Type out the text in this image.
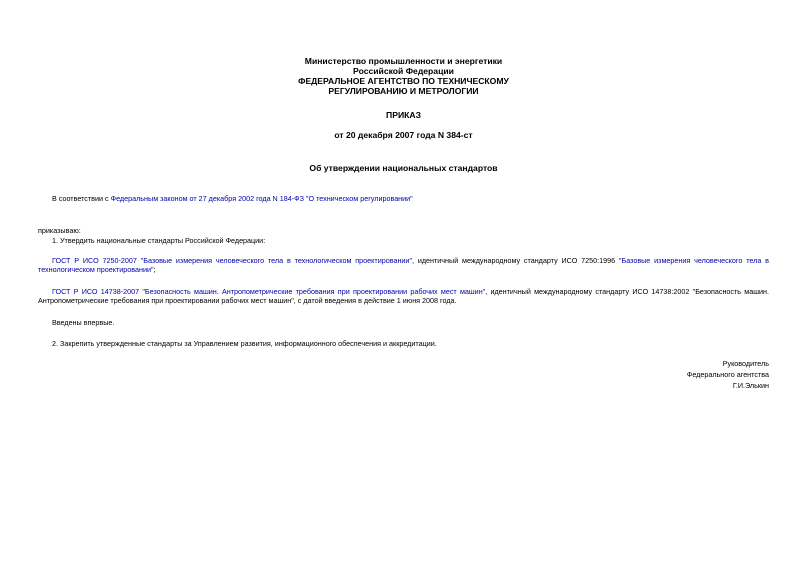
Министерство промышленности и энергетики
Российской Федерации
ФЕДЕРАЛЬНОЕ АГЕНТСТВО ПО ТЕХНИЧЕСКОМУ
РЕГУЛИРОВАНИЮ И МЕТРОЛОГИИ
ПРИКАЗ
от 20 декабря 2007 года N 384-ст
Об утверждении национальных стандартов
В соответствии с Федеральным законом от 27 декабря 2002 года N 184-ФЗ "О техническом регулировании"
приказываю:
1. Утвердить национальные стандарты Российской Федерации:
ГОСТ Р ИСО 7250-2007 "Базовые измерения человеческого тела в технологическом проектировании", идентичный международному стандарту ИСО 7250:1996 "Базовые измерения человеческого тела в технологическом проектировании";
ГОСТ Р ИСО 14738-2007 "Безопасность машин. Антропометрические требования при проектировании рабочих мест машин", идентичный международному стандарту ИСО 14738:2002 "Безопасность машин. Антропометрические требования при проектировании рабочих мест машин", с датой введения в действие 1 июня 2008 года.
Введены впервые.
2. Закрепить утвержденные стандарты за Управлением развития, информационного обеспечения и аккредитации.
Руководитель
Федерального агентства
Г.И.Элькин
